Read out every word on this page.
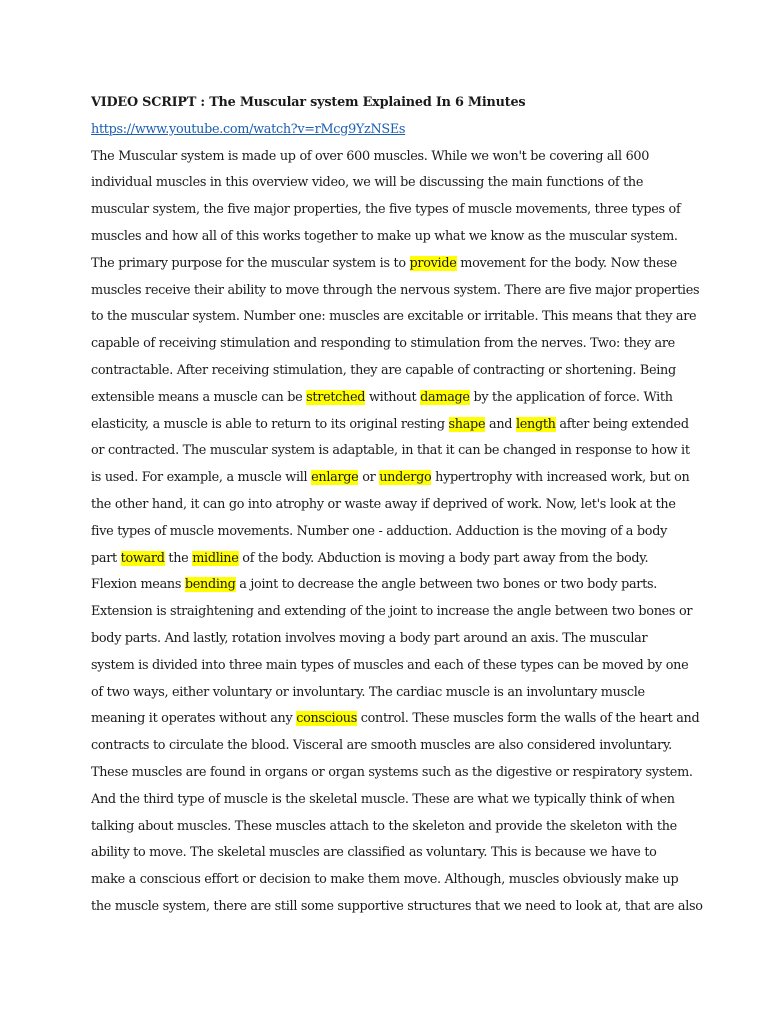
VIDEO SCRIPT : The Muscular system Explained In 6 Minutes
https://www.youtube.com/watch?v=rMcg9YzNSEs
The Muscular system is made up of over 600 muscles. While we won't be covering all 600
individual muscles in this overview video, we will be discussing the main functions of the
muscular system, the five major properties, the five types of muscle movements, three types of
muscles and how all of this works together to make up what we know as the muscular system.
The primary purpose for the muscular system is to provide movement for the body. Now these
muscles receive their ability to move through the nervous system. There are five major properties
to the muscular system. Number one: muscles are excitable or irritable. This means that they are
capable of receiving stimulation and responding to stimulation from the nerves. Two: they are
contractable. After receiving stimulation, they are capable of contracting or shortening. Being
extensible means a muscle can be stretched without damage by the application of force. With
elasticity, a muscle is able to return to its original resting shape and length after being extended
or contracted. The muscular system is adaptable, in that it can be changed in response to how it
is used. For example, a muscle will enlarge or undergo hypertrophy with increased work, but on
the other hand, it can go into atrophy or waste away if deprived of work. Now, let's look at the
five types of muscle movements. Number one - adduction. Adduction is the moving of a body
part toward the midline of the body. Abduction is moving a body part away from the body.
Flexion means bending a joint to decrease the angle between two bones or two body parts.
Extension is straightening and extending of the joint to increase the angle between two bones or
body parts. And lastly, rotation involves moving a body part around an axis. The muscular
system is divided into three main types of muscles and each of these types can be moved by one
of two ways, either voluntary or involuntary. The cardiac muscle is an involuntary muscle
meaning it operates without any conscious control. These muscles form the walls of the heart and
contracts to circulate the blood. Visceral are smooth muscles are also considered involuntary.
These muscles are found in organs or organ systems such as the digestive or respiratory system.
And the third type of muscle is the skeletal muscle. These are what we typically think of when
talking about muscles. These muscles attach to the skeleton and provide the skeleton with the
ability to move. The skeletal muscles are classified as voluntary. This is because we have to
make a conscious effort or decision to make them move. Although, muscles obviously make up
the muscle system, there are still some supportive structures that we need to look at, that are also
